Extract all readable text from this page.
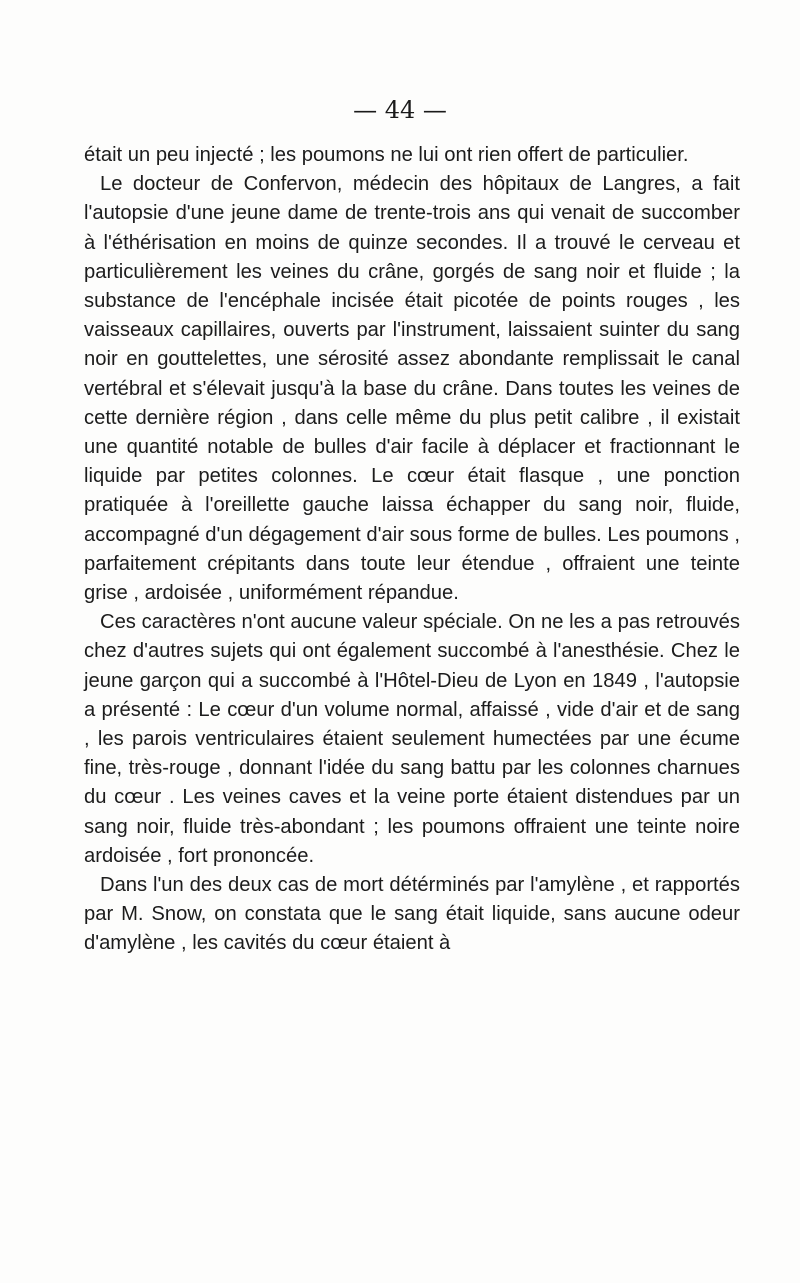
— 44 —

était un peu injecté ; les poumons ne lui ont rien offert de particulier.

Le docteur de Confervon, médecin des hôpitaux de Langres, a fait l'autopsie d'une jeune dame de trente-trois ans qui venait de succomber à l'éthérisation en moins de quinze secondes. Il a trouvé le cerveau et particulièrement les veines du crâne, gorgés de sang noir et fluide ; la substance de l'encéphale incisée était picotée de points rouges , les vaisseaux capillaires, ouverts par l'instrument, laissaient suinter du sang noir en gouttelettes, une sérosité assez abondante remplissait le canal vertébral et s'élevait jusqu'à la base du crâne. Dans toutes les veines de cette dernière région , dans celle même du plus petit calibre , il existait une quantité notable de bulles d'air facile à déplacer et fractionnant le liquide par petites colonnes. Le cœur était flasque , une ponction pratiquée à l'oreillette gauche laissa échapper du sang noir, fluide, accompagné d'un dégagement d'air sous forme de bulles. Les poumons , parfaitement crépitants dans toute leur étendue , offraient une teinte grise , ardoisée , uniformément répandue.

Ces caractères n'ont aucune valeur spéciale. On ne les a pas retrouvés chez d'autres sujets qui ont également succombé à l'anesthésie. Chez le jeune garçon qui a succombé à l'Hôtel-Dieu de Lyon en 1849 , l'autopsie a présenté : Le cœur d'un volume normal, affaissé , vide d'air et de sang , les parois ventriculaires étaient seulement humectées par une écume fine, très-rouge , donnant l'idée du sang battu par les colonnes charnues du cœur . Les veines caves et la veine porte étaient distendues par un sang noir, fluide très-abondant ; les poumons offraient une teinte noire ardoisée , fort prononcée.

Dans l'un des deux cas de mort détérminés par l'amylène , et rapportés par M. Snow, on constata que le sang était liquide, sans aucune odeur d'amylène , les cavités du cœur étaient à
